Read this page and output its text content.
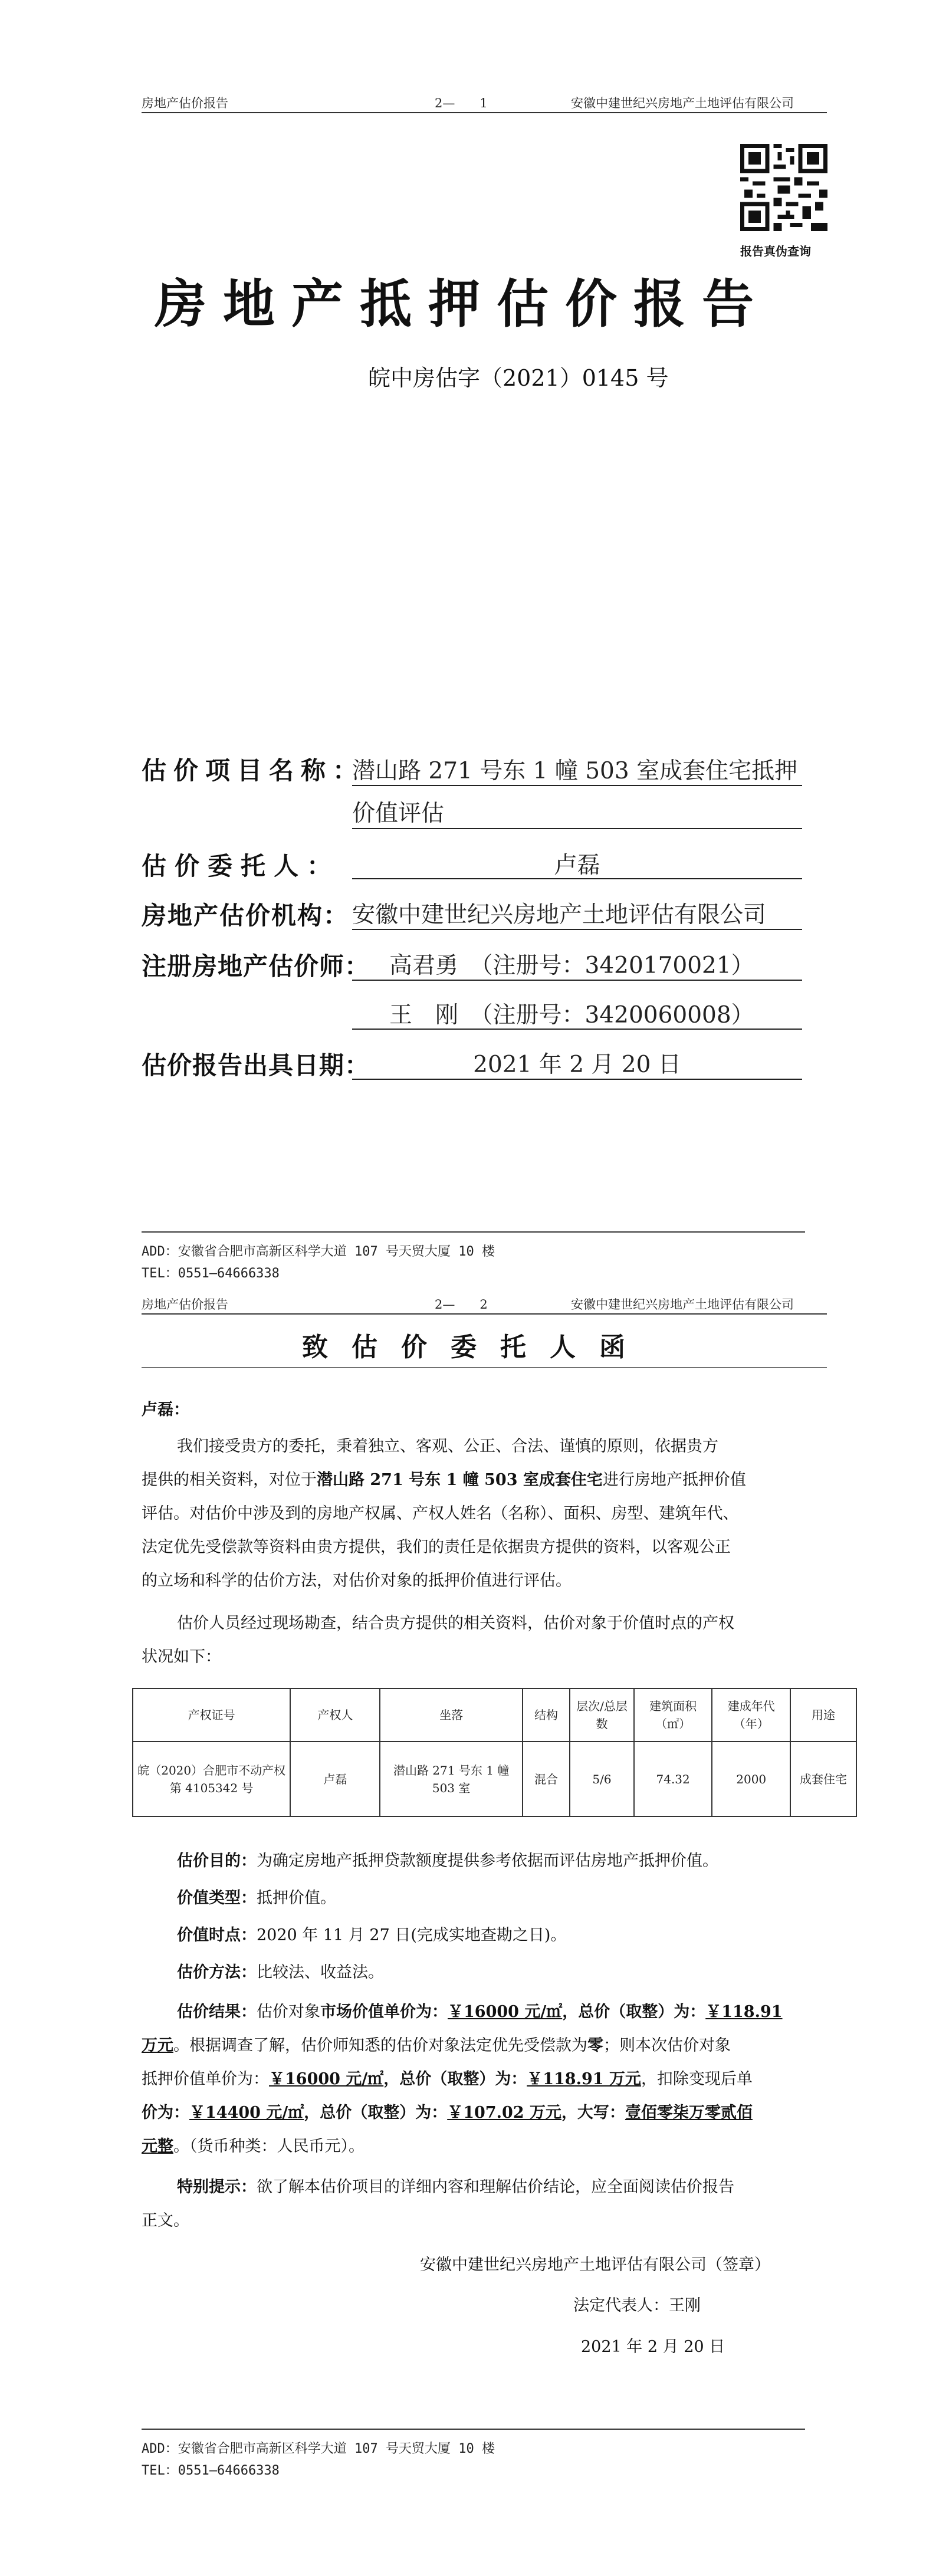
房地产估价报告	2—　　1	安徽中建世纪兴房地产土地评估有限公司
报告真伪查询
房地产抵押估价报告
皖中房估字（2021）0145 号
估价项目名称：
潜山路 271 号东 1 幢 503 室成套住宅抵押
价值评估
估价委托人：	卢磊
房地产估价机构： 安徽中建世纪兴房地产土地评估有限公司
注册房地产估价师： 高君勇　（注册号：3420170021）
王　刚　（注册号：3420060008）
估价报告出具日期：	2021 年 2 月 20 日
ADD：安徽省合肥市高新区科学大道 107 号天贸大厦 10 楼
TEL：0551—64666338
房地产估价报告	2—　　2	安徽中建世纪兴房地产土地评估有限公司
致估价委托人函
卢磊：
我们接受贵方的委托，秉着独立、客观、公正、合法、谨慎的原则，依据贵方
提供的相关资料，对位于潜山路 271 号东 1 幢 503 室成套住宅进行房地产抵押价值
评估。对估价中涉及到的房地产权属、产权人姓名（名称）、面积、房型、建筑年代、
法定优先受偿款等资料由贵方提供，我们的责任是依据贵方提供的资料，以客观公正
的立场和科学的估价方法，对估价对象的抵押价值进行评估。
估价人员经过现场勘查，结合贵方提供的相关资料，估价对象于价值时点的产权
状况如下：
产权证号	产权人	坐落	结构	层次/总层数	建筑面积（㎡）	建成年代（年）	用途
皖（2020）合肥市不动产权第 4105342 号	卢磊	潜山路 271 号东 1 幢 503 室	混合	5/6	74.32	2000	成套住宅
估价目的：为确定房地产抵押贷款额度提供参考依据而评估房地产抵押价值。
价值类型：抵押价值。
价值时点：2020 年 11 月 27 日(完成实地查勘之日)。
估价方法：比较法、收益法。
估价结果：估价对象市场价值单价为：￥16000 元/㎡，总价（取整）为：￥118.91
万元。根据调查了解，估价师知悉的估价对象法定优先受偿款为零；则本次估价对象
抵押价值单价为：￥16000 元/㎡，总价（取整）为：￥118.91 万元，扣除变现后单
价为：￥14400 元/㎡，总价（取整）为：￥107.02 万元，大写：壹佰零柒万零贰佰
元整。（货币种类：人民币元）。
特别提示：欲了解本估价项目的详细内容和理解估价结论，应全面阅读估价报告
正文。
安徽中建世纪兴房地产土地评估有限公司（签章）
法定代表人：王刚
2021 年 2 月 20 日
ADD：安徽省合肥市高新区科学大道 107 号天贸大厦 10 楼
TEL：0551—64666338
